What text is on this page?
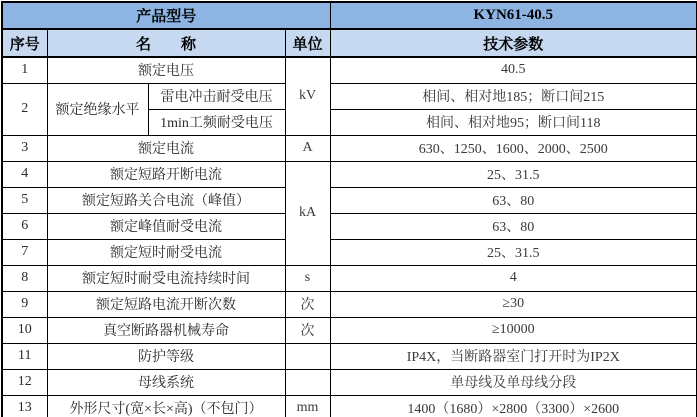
产品型号				KYN61-40.5
序号	名　　称		单位	技术参数
1	额定电压		kV	40.5
2	额定绝缘水平	雷电冲击耐受电压		相间、相对地185；断口间215
		1min工频耐受电压		相间、相对地95；断口间118
3	额定电流		A	630、1250、1600、2000、2500
4	额定短路开断电流		kA	25、31.5
5	额定短路关合电流（峰值）			63、80
6	额定峰值耐受电流			63、80
7	额定短时耐受电流			25、31.5
8	额定短时耐受电流持续时间		s	4
9	额定短路电流开断次数		次	≥30
10	真空断路器机械寿命		次	≥10000
11	防护等级			IP4X，当断路器室门打开时为IP2X
12	母线系统			单母线及单母线分段
13	外形尺寸(宽×长×高)（不包门）		mm	1400（1680）×2800（3300）×2600
